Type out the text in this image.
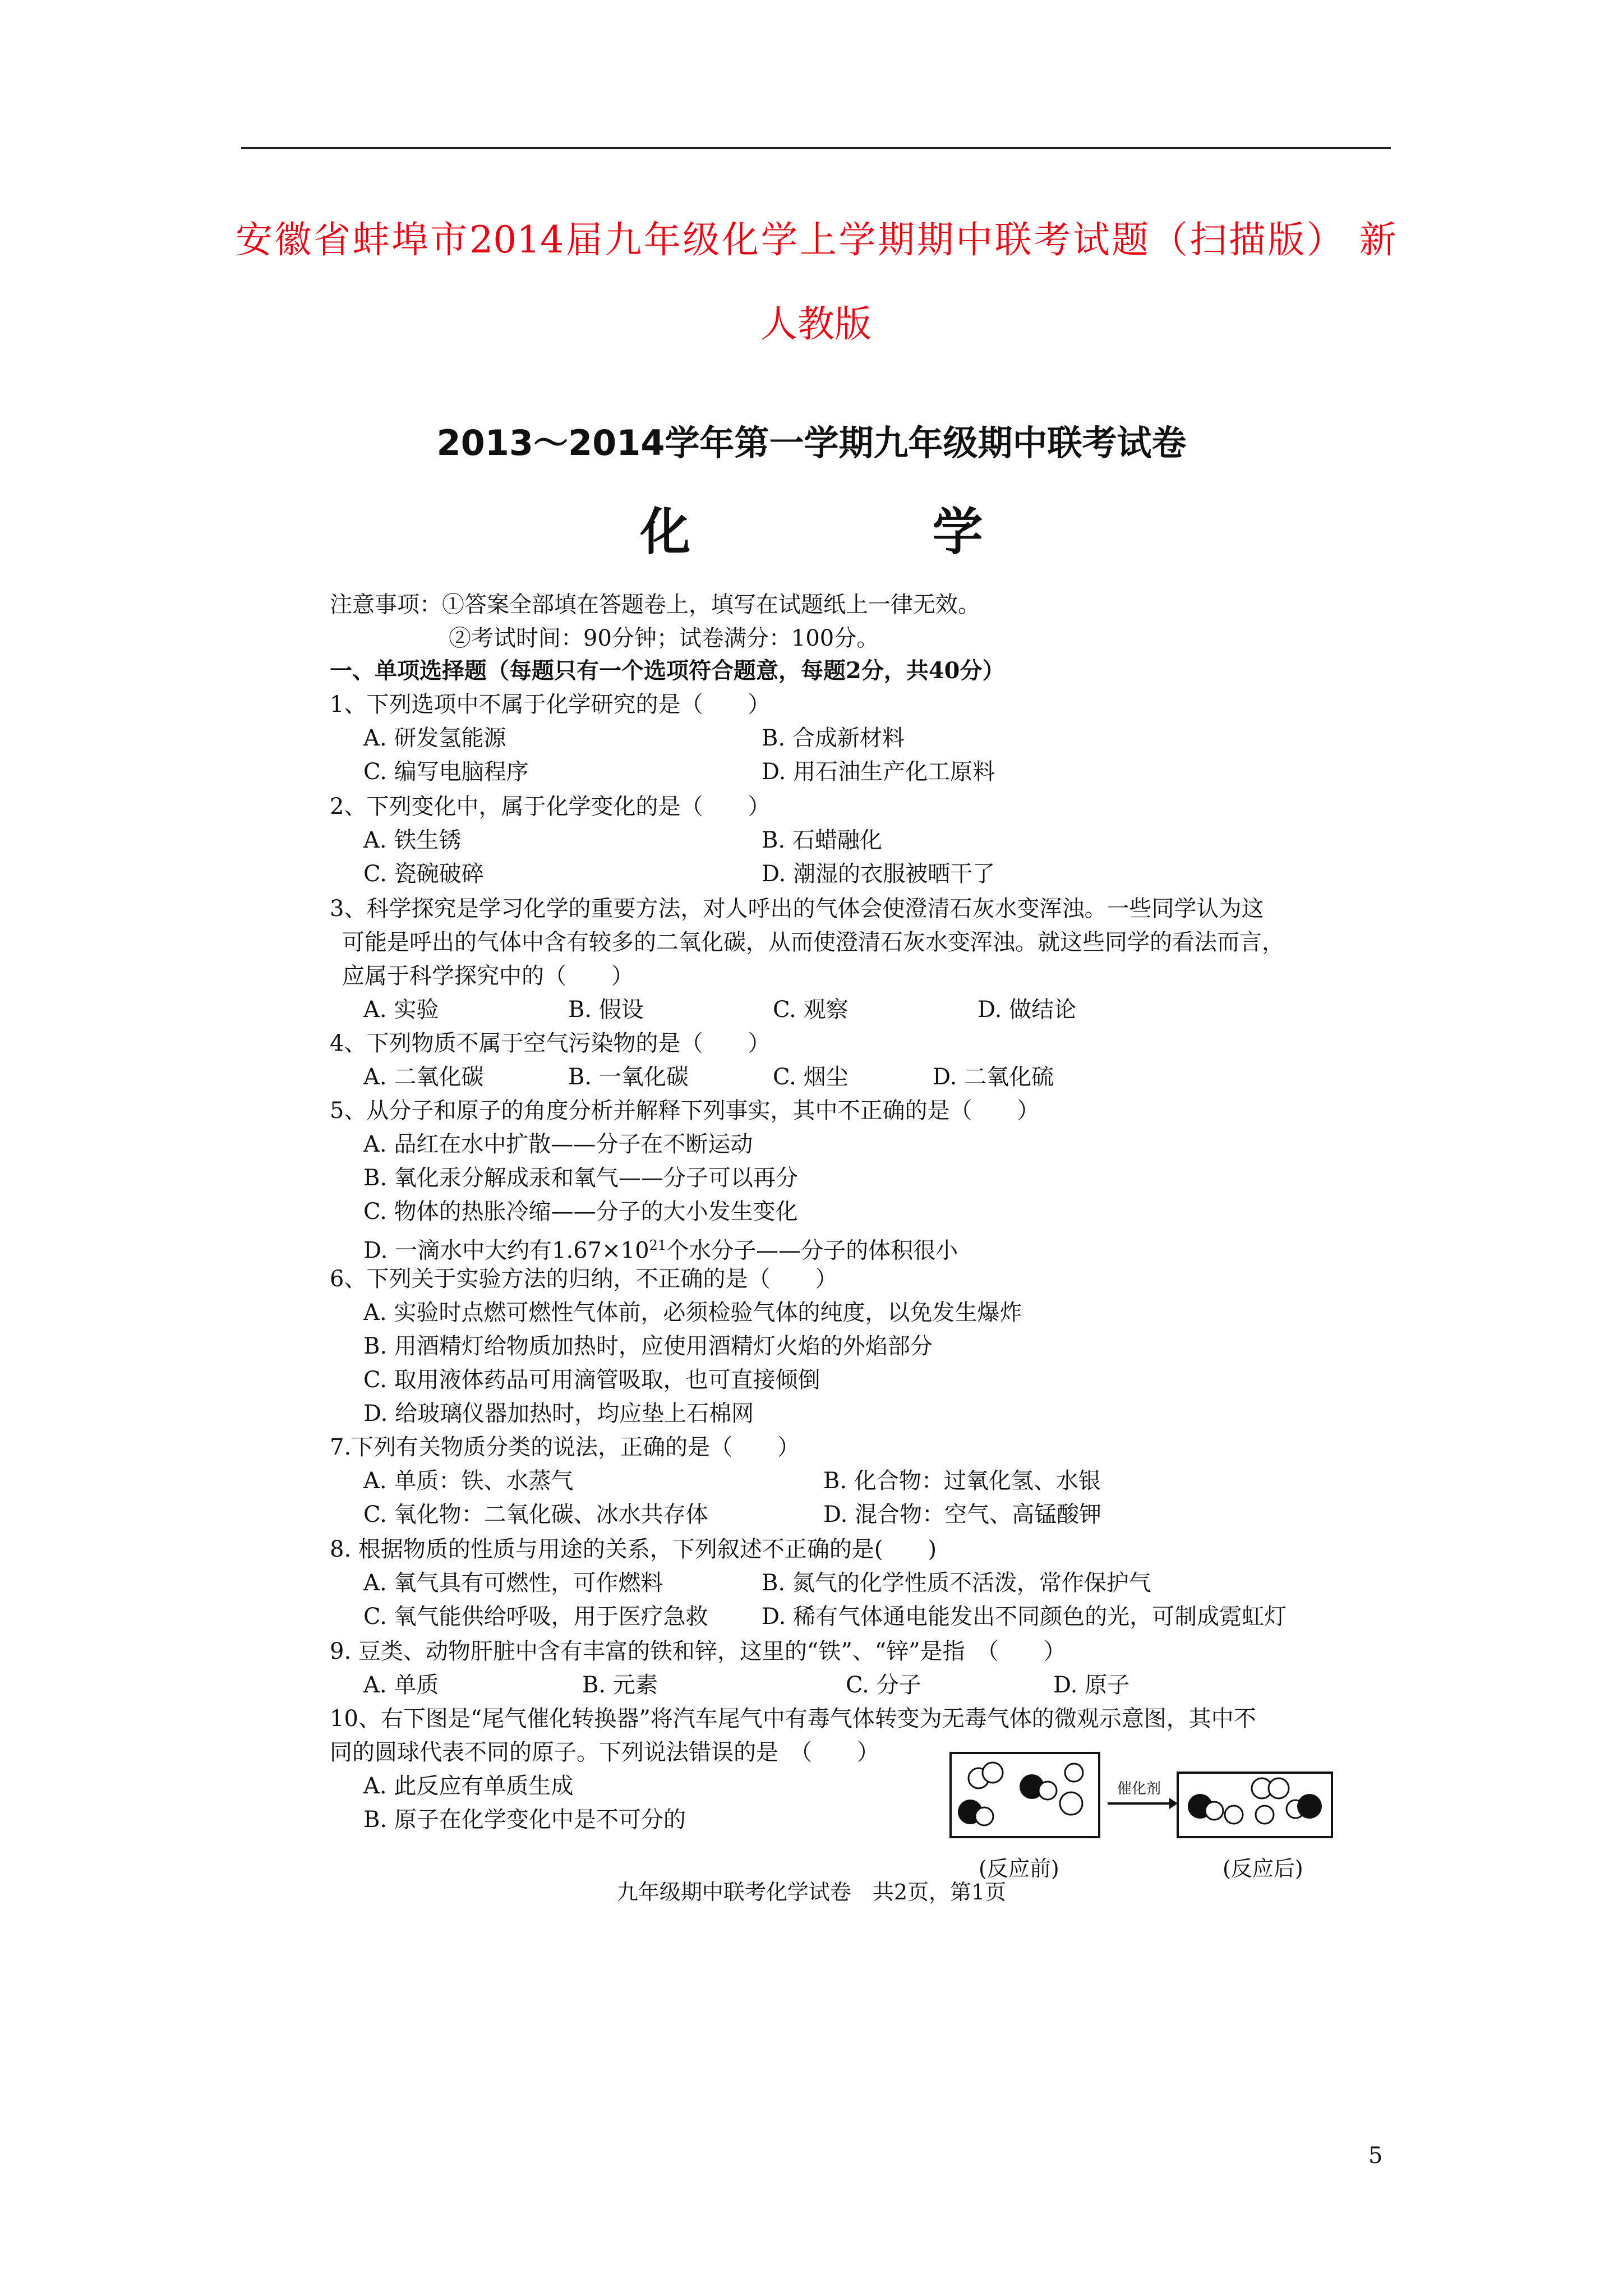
安徽省蚌埠市2014届九年级化学上学期期中联考试题（扫描版） 新
人教版
2013～2014学年第一学期九年级期中联考试卷
化 学
注意事项：①答案全部填在答题卷上，填写在试题纸上一律无效。
②考试时间：90分钟；试卷满分：100分。
一、单项选择题（每题只有一个选项符合题意，每题2分，共40分）
1、下列选项中不属于化学研究的是（　　）
A. 研发氢能源	B. 合成新材料
C. 编写电脑程序	D. 用石油生产化工原料
2、下列变化中，属于化学变化的是（　　）
A. 铁生锈	B. 石蜡融化
C. 瓷碗破碎	D. 潮湿的衣服被晒干了
3、科学探究是学习化学的重要方法，对人呼出的气体会使澄清石灰水变浑浊。一些同学认为这
可能是呼出的气体中含有较多的二氧化碳，从而使澄清石灰水变浑浊。就这些同学的看法而言，
应属于科学探究中的（　　）
A. 实验	B. 假设	C. 观察	D. 做结论
4、下列物质不属于空气污染物的是（　　）
A. 二氧化碳	B. 一氧化碳	C. 烟尘	D. 二氧化硫
5、从分子和原子的角度分析并解释下列事实，其中不正确的是（　　）
A. 品红在水中扩散——分子在不断运动
B. 氧化汞分解成汞和氧气——分子可以再分
C. 物体的热胀冷缩——分子的大小发生变化
D. 一滴水中大约有$1.67\times 10^{21}$个水分子——分子的体积很小
6、下列关于实验方法的归纳，不正确的是（　　）
A. 实验时点燃可燃性气体前，必须检验气体的纯度，以免发生爆炸
B. 用酒精灯给物质加热时，应使用酒精灯火焰的外焰部分
C. 取用液体药品可用滴管吸取，也可直接倾倒
D. 给玻璃仪器加热时，均应垫上石棉网
7.下列有关物质分类的说法，正确的是（　　）
A. 单质：铁、水蒸气	B. 化合物：过氧化氢、水银
C. 氧化物：二氧化碳、冰水共存体	D. 混合物：空气、高锰酸钾
8. 根据物质的性质与用途的关系，下列叙述不正确的是(　　)
A. 氧气具有可燃性，可作燃料	B. 氮气的化学性质不活泼，常作保护气
C. 氧气能供给呼吸，用于医疗急救 D. 稀有气体通电能发出不同颜色的光，可制成霓虹灯
9. 豆类、动物肝脏中含有丰富的铁和锌，这里的“铁”、“锌”是指　（　　）
A. 单质	B. 元素	C. 分子	D. 原子
10、右下图是“尾气催化转换器”将汽车尾气中有毒气体转变为无毒气体的微观示意图，其中不
同的圆球代表不同的原子。下列说法错误的是　（　　）
A. 此反应有单质生成
B. 原子在化学变化中是不可分的
催化剂
(反应前)	(反应后)
九年级期中联考化学试卷　共2页，第1页
5
